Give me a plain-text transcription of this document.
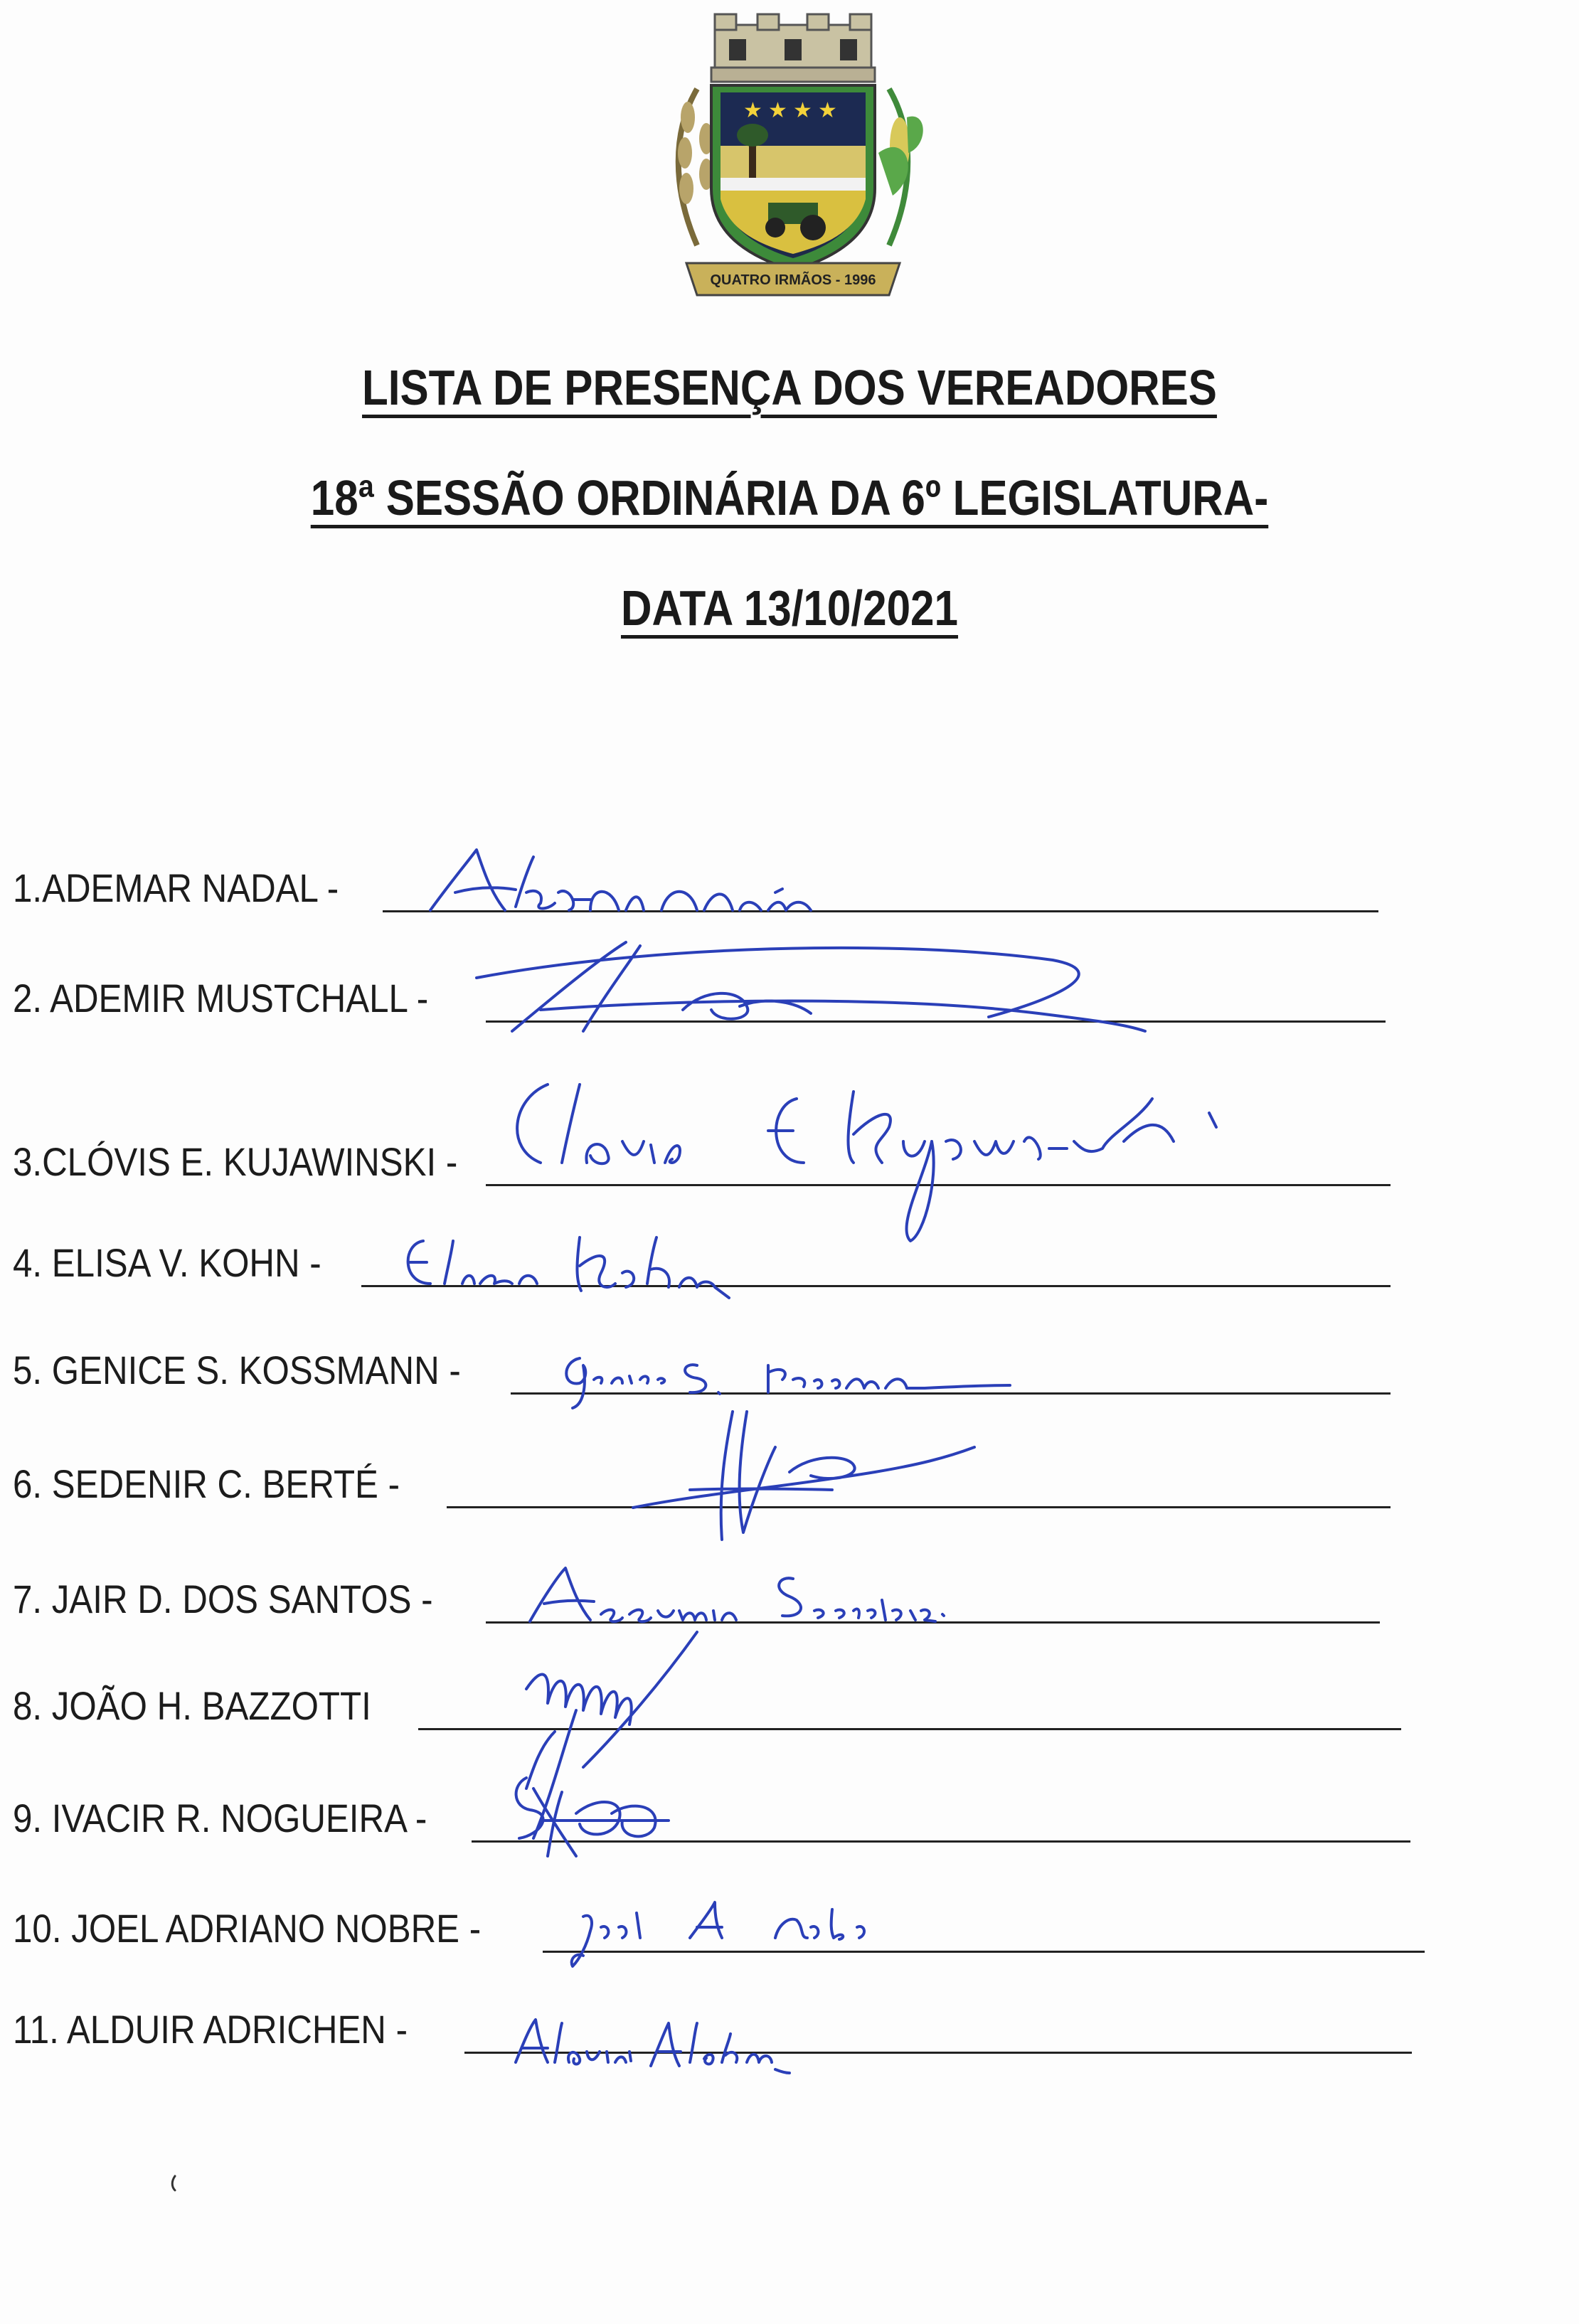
★ ★ ★ ★
QUATRO IRMÃOS - 1996
LISTA DE PRESENÇA DOS VEREADORES
18ª SESSÃO ORDINÁRIA DA 6º LEGISLATURA-
DATA 13/10/2021
1.ADEMAR NADAL -
2. ADEMIR MUSTCHALL -
3.CLÓVIS E. KUJAWINSKI -
4. ELISA V. KOHN -
5. GENICE S. KOSSMANN -
6. SEDENIR C. BERTÉ -
7. JAIR D. DOS SANTOS -
8. JOÃO H. BAZZOTTI
9. IVACIR R. NOGUEIRA -
10. JOEL ADRIANO NOBRE -
11. ALDUIR ADRICHEN -
